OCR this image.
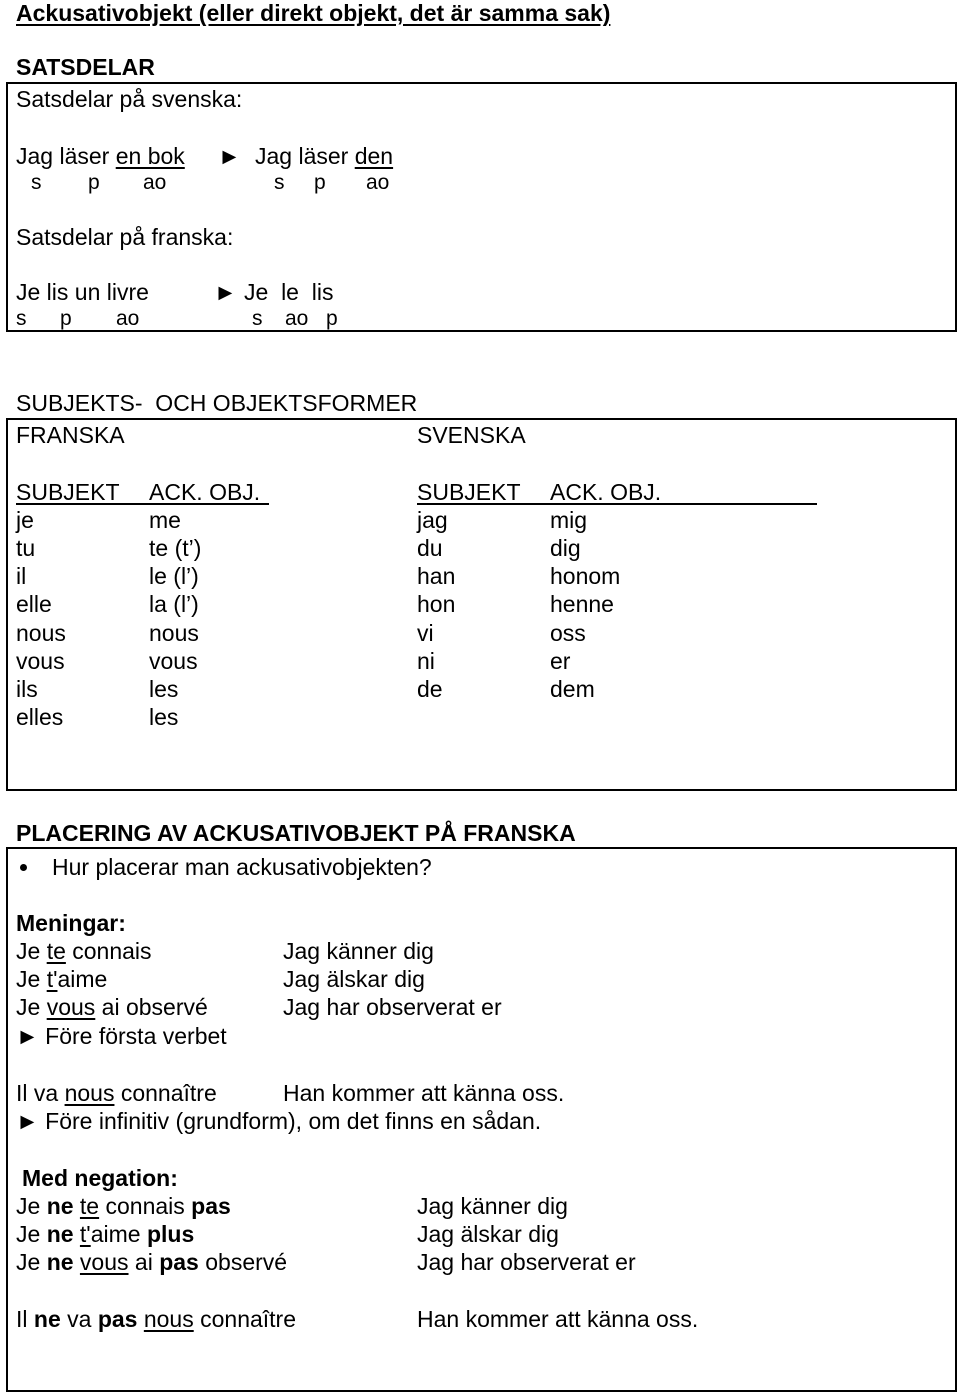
Ackusativobjekt (eller direkt objekt, det är samma sak)
SATSDELAR
Satsdelar på svenska:
Jag läser en bok ► Jag läser den
s p ao	s p ao
Satsdelar på franska:
Je lis un livre	► Je  le  lis
s p ao	s ao p
SUBJEKTS-  OCH OBJEKTSFORMER
FRANSKA	SVENSKA
SUBJEKT ACK. OBJ.	SUBJEKT ACK. OBJ.
je	me	jag	mig
tu	te (t’)	du	dig
il	le (l’)	han	honom
elle	la (l’)	hon	henne
nous	nous	vi	oss
vous	vous	ni	er
ils	les	de	dem
elles	les
PLACERING AV ACKUSATIVOBJEKT PÅ FRANSKA
Hur placerar man ackusativobjekten?
Meningar:
Je te connais	Jag känner dig
Je t'aime	Jag älskar dig
Je vous ai observé	Jag har observerat er
► Före första verbet
Il va nous connaître	Han kommer att känna oss.
► Före infinitiv (grundform), om det finns en sådan.
Med negation:
Je ne te connais pas	Jag känner dig
Je ne t'aime plus	Jag älskar dig
Je ne vous ai pas observé	Jag har observerat er
Il ne va pas nous connaître	Han kommer att känna oss.
